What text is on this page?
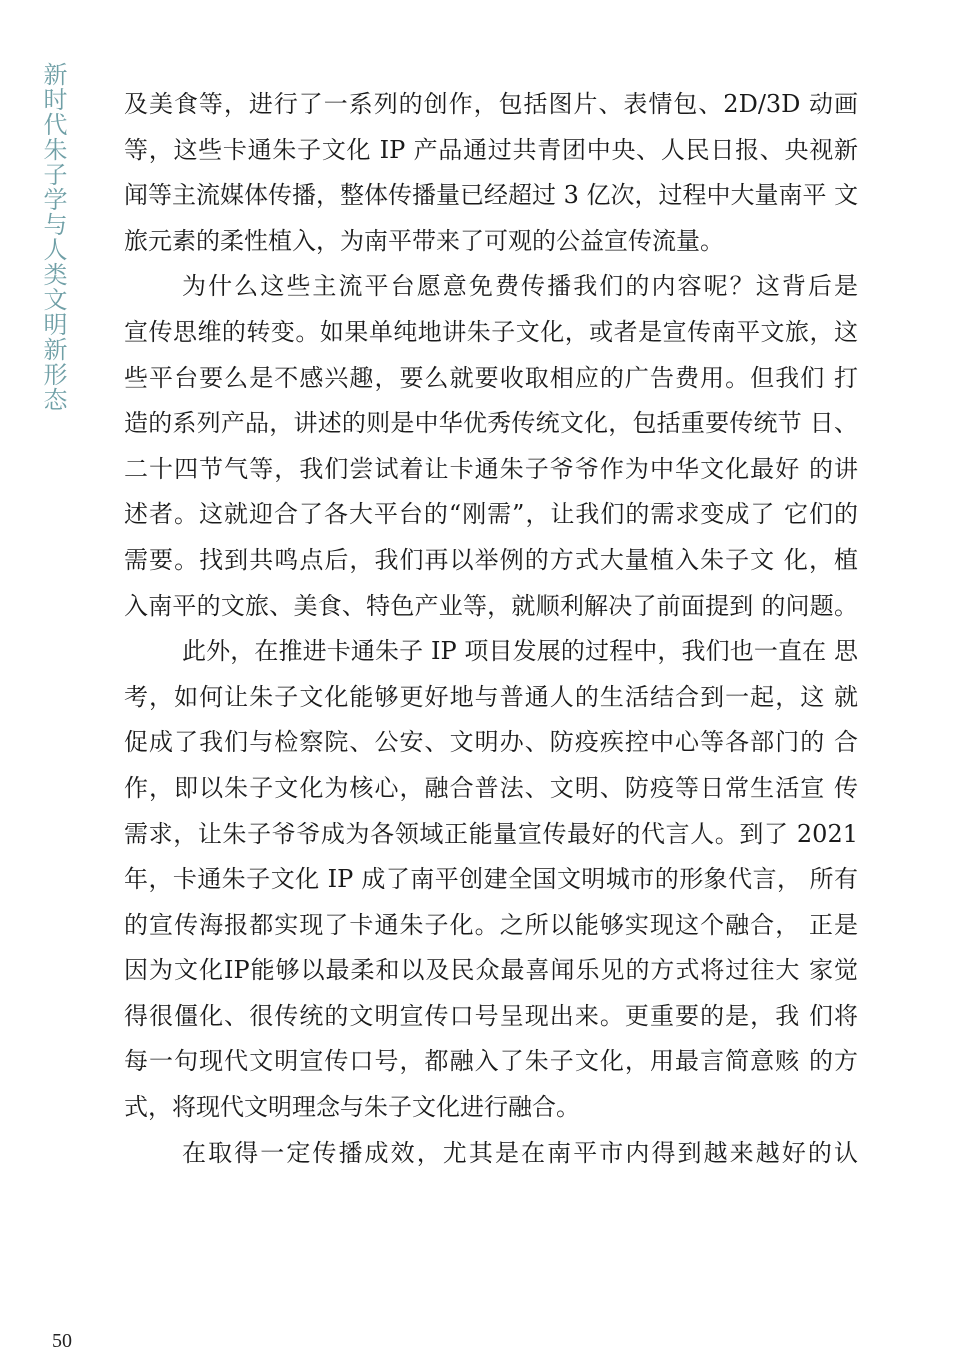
新时代朱子学与人类文明新形态 及美食等，进行了一系列的创作，包括图片、表情包、2D/3D 动画
等，这些卡通朱子文化 IP 产品通过共青团中央、人民日报、央视新
闻等主流媒体传播，整体传播量已经超过 3 亿次，过程中大量南平 文
旅元素的柔性植入，为南平带来了可观的公益宣传流量。
为什么这些主流平台愿意免费传播我们的内容呢？这背后是
宣传思维的转变。如果单纯地讲朱子文化，或者是宣传南平文旅，这
些平台要么是不感兴趣，要么就要收取相应的广告费用。但我们 打
造的系列产品，讲述的则是中华优秀传统文化，包括重要传统节 日、
二十四节气等，我们尝试着让卡通朱子爷爷作为中华文化最好 的讲
述者。这就迎合了各大平台的“刚需”，让我们的需求变成了 它们的
需要。找到共鸣点后，我们再以举例的方式大量植入朱子文 化，植
入南平的文旅、美食、特色产业等，就顺利解决了前面提到 的问题。
此外，在推进卡通朱子 IP 项目发展的过程中，我们也一直在 思
考，如何让朱子文化能够更好地与普通人的生活结合到一起，这 就
促成了我们与检察院、公安、文明办、防疫疾控中心等各部门的 合
作，即以朱子文化为核心，融合普法、文明、防疫等日常生活宣 传
需求，让朱子爷爷成为各领域正能量宣传最好的代言人。到了 2021
年，卡通朱子文化 IP 成了南平创建全国文明城市的形象代言， 所有
的宣传海报都实现了卡通朱子化。之所以能够实现这个融合， 正是
因为文化IP能够以最柔和以及民众最喜闻乐见的方式将过往大 家觉
得很僵化、很传统的文明宣传口号呈现出来。更重要的是，我 们将
每一句现代文明宣传口号，都融入了朱子文化，用最言简意赅 的方
式，将现代文明理念与朱子文化进行融合。
在取得一定传播成效，尤其是在南平市内得到越来越好的认
50
